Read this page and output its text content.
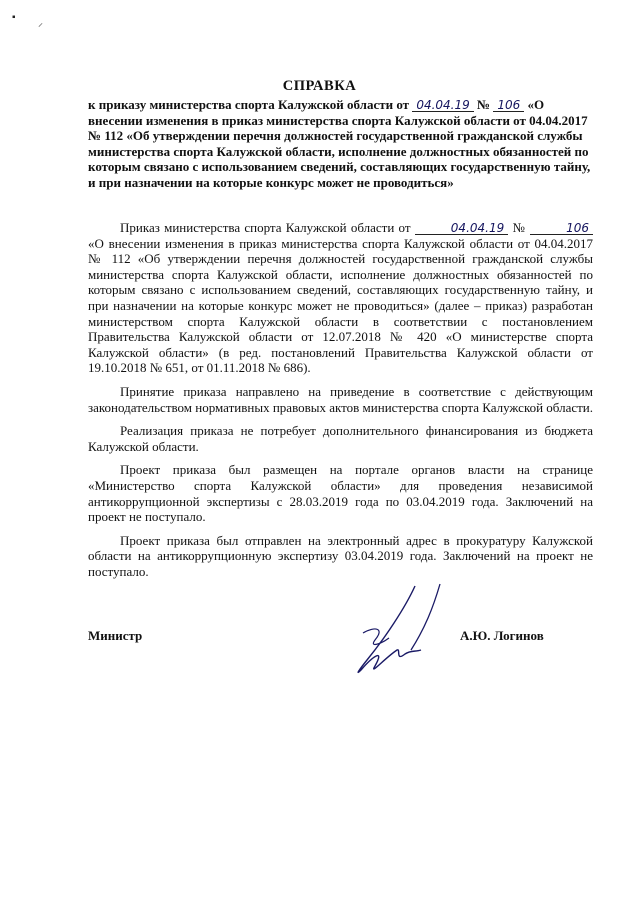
▪
⸝
СПРАВКА
к приказу министерства спорта Калужской области от 04.04.19 № 106 «О внесении изменения в приказ министерства спорта Калужской области от 04.04.2017 № 112 «Об утверждении перечня должностей государственной гражданской службы министерства спорта Калужской области, исполнение должностных обязанностей по которым связано с использованием сведений, составляющих государственную тайну, и при назначении на которые конкурс может не проводиться»

Приказ министерства спорта Калужской области от	04.04.19 №	106 «О внесении изменения в приказ министерства спорта Калужской области от 04.04.2017 № 112 «Об утверждении перечня должностей государственной гражданской службы министерства спорта Калужской области, исполнение должностных обязанностей по которым связано с использованием сведений, составляющих государственную тайну, и при назначении на которые конкурс может не проводиться» (далее – приказ) разработан министерством спорта Калужской области в соответствии с постановлением Правительства Калужской области от 12.07.2018 № 420 «О министерстве спорта Калужской области» (в ред. постановлений Правительства Калужской области от 19.10.2018 № 651, от 01.11.2018 № 686).

Принятие приказа направлено на приведение в соответствие с действующим законодательством нормативных правовых актов министерства спорта Калужской области.

Реализация приказа не потребует дополнительного финансирования из бюджета Калужской области.

Проект приказа был размещен на портале органов власти на странице «Министерство спорта Калужской области» для проведения независимой антикоррупционной экспертизы с 28.03.2019 года по 03.04.2019 года. Заключений на проект не поступало.

Проект приказа был отправлен на электронный адрес в прокуратуру Калужской области на антикоррупционную экспертизу 03.04.2019 года. Заключений на проект не поступало.

Министр	А.Ю. Логинов
